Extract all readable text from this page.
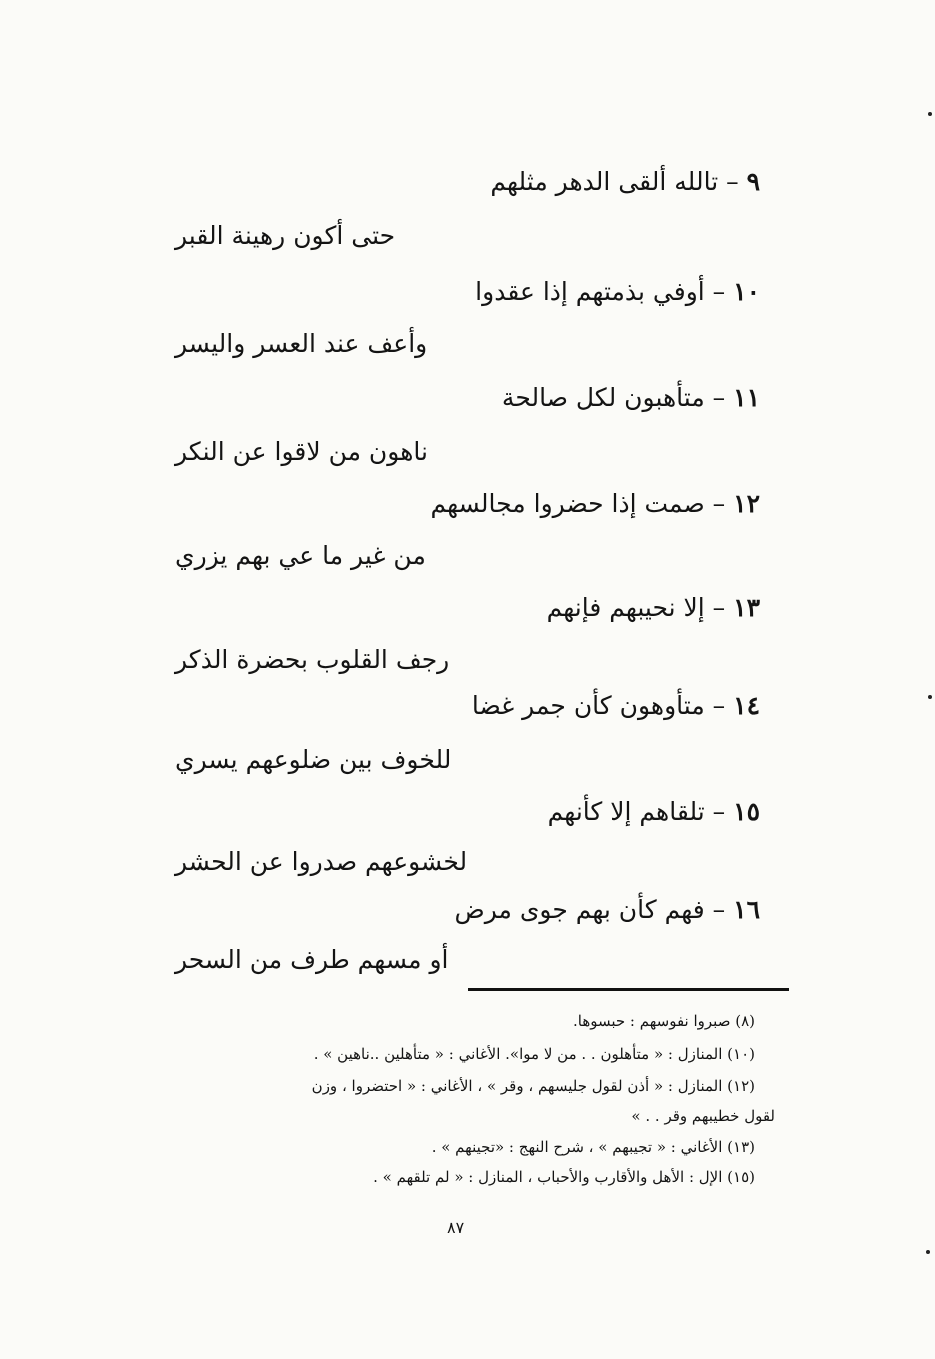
٩ – تالله ألقى الدهر مثلهم
حتى أكون رهينة القبر
١٠ – أوفي بذمتهم إذا عقدوا
وأعف عند العسر واليسر
١١ – متأهبون لكل صالحة
ناهون من لاقوا عن النكر
١٢ – صمت إذا حضروا مجالسهم
من غير ما عي بهم يزري
١٣ – إلا نحيبهم فإنهم
رجف القلوب بحضرة الذكر
١٤ – متأوهون كأن جمر غضا
للخوف بين ضلوعهم يسري
١٥ – تلقاهم إلا كأنهم
لخشوعهم صدروا عن الحشر
١٦ – فهم كأن بهم جوى مرض
أو مسهم طرف من السحر
(٨) صبروا نفوسهم : حبسوها.
(١٠) المنازل : « متأهلون . . من لا موا». الأغاني : « متأهلين ..ناهين » .
(١٢) المنازل : « أذن لقول جليسهم ، وقر » ، الأغاني : « احتضروا ، وزن
لقول خطيبهم وقر . . »
(١٣) الأغاني : « تجيبهم » ، شرح النهج : «تجينهم » .
(١٥) الإل : الأهل والأقارب والأحباب ، المنازل : « لم تلقهم » .
٨٧
